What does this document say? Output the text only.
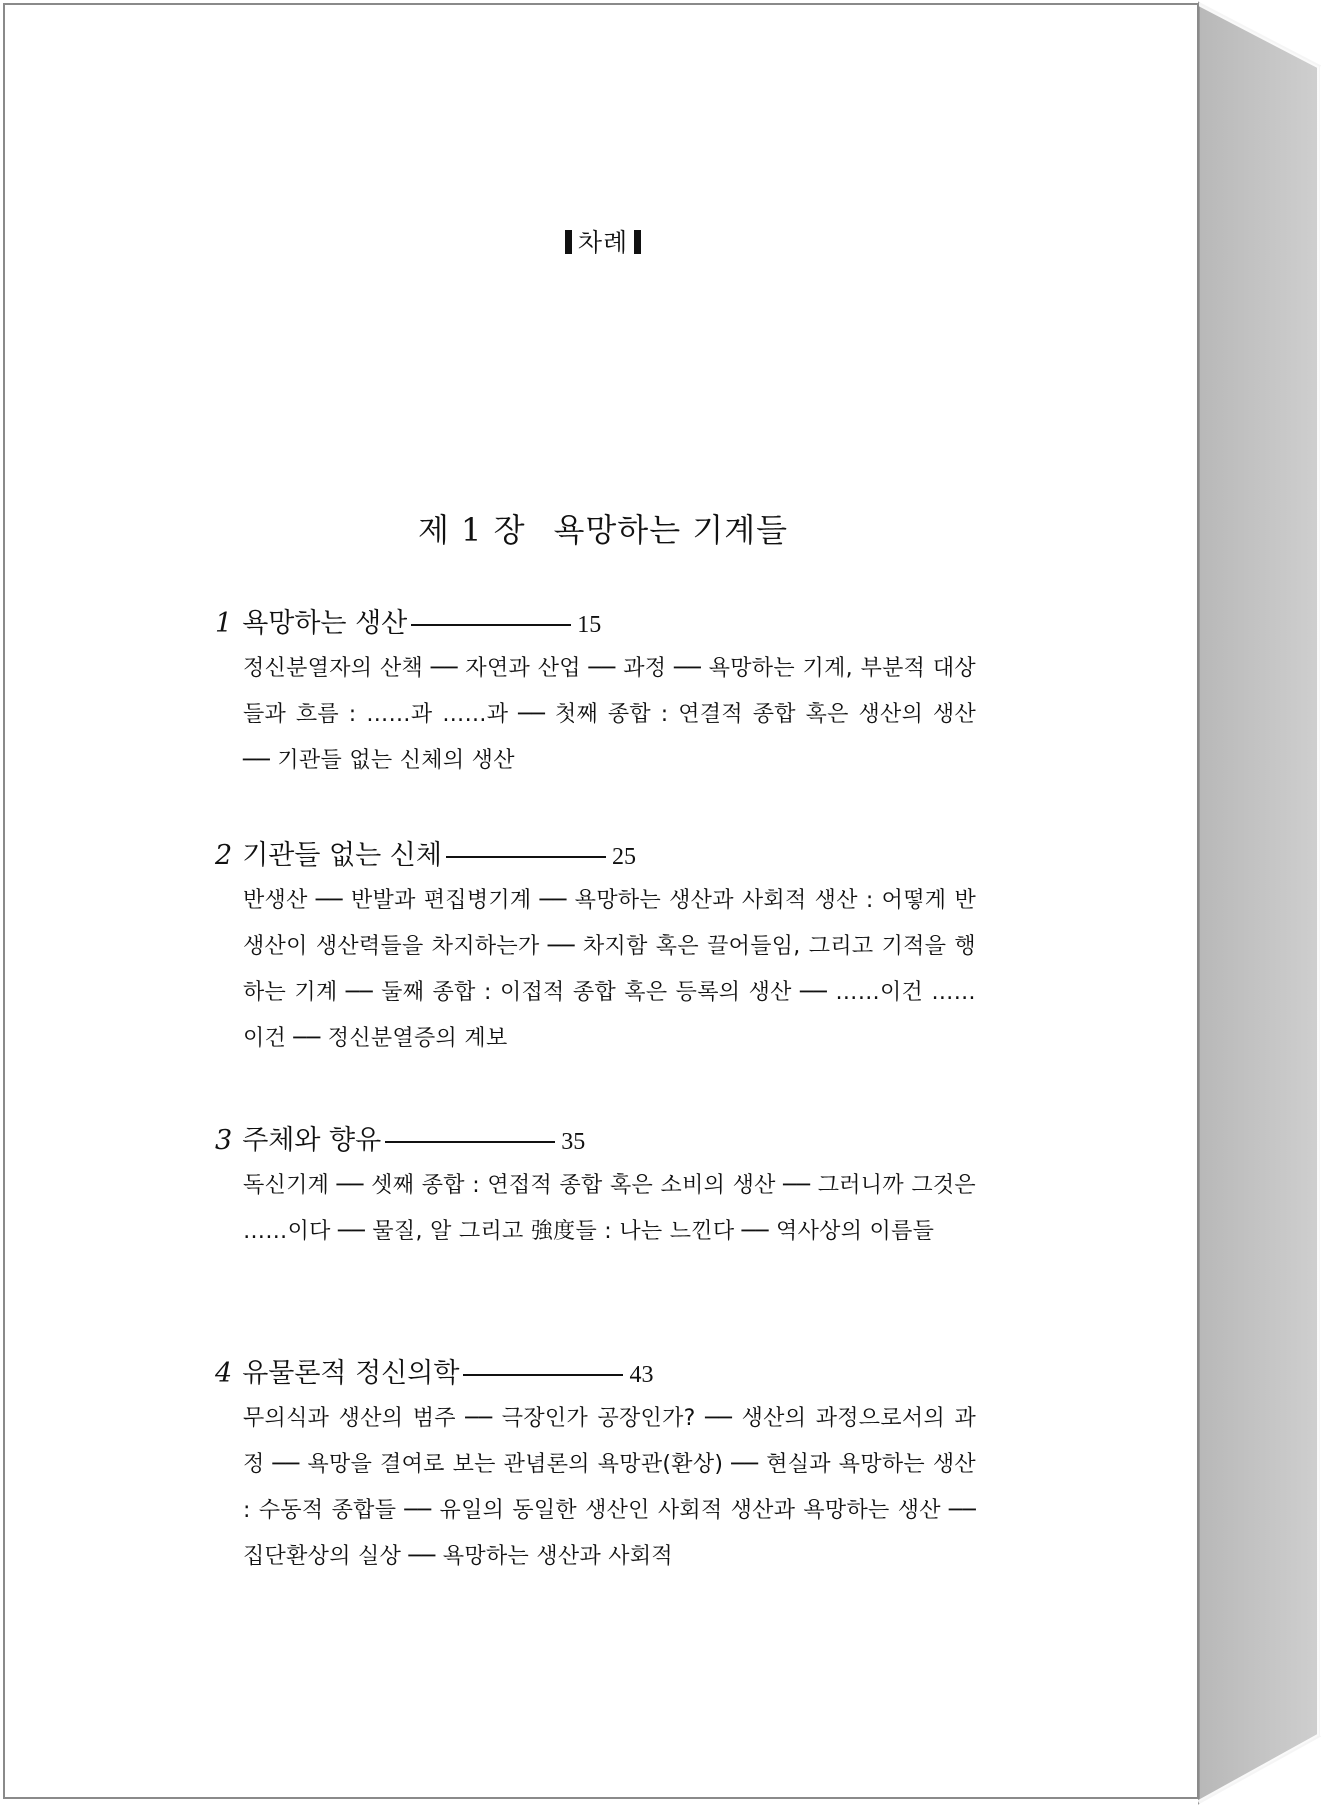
차례
제 1 장 욕망하는 기계들
1 욕망하는 생산	15
정신분열자의 산책 ── 자연과 산업 ── 과정 ── 욕망하는 기계, 부분적 대상들과 흐름 : ……과 ……과 ── 첫째 종합 : 연결적 종합 혹은 생산의 생산 ── 기관들 없는 신체의 생산
2 기관들 없는 신체	25
반생산 ── 반발과 편집병기계 ── 욕망하는 생산과 사회적 생산 : 어떻게 반생산이 생산력들을 차지하는가 ── 차지함 혹은 끌어들임, 그리고 기적을 행하는 기계 ── 둘째 종합 : 이접적 종합 혹은 등록의 생산 ── ……이건 ……이건 ── 정신분열증의 계보
3 주체와 향유	35
독신기계 ── 셋째 종합 : 연접적 종합 혹은 소비의 생산 ── 그러니까 그것은 ……이다 ── 물질, 알 그리고 強度들 : 나는 느낀다 ── 역사상의 이름들
4 유물론적 정신의학	43
무의식과 생산의 범주 ── 극장인가 공장인가? ── 생산의 과정으로서의 과정 ── 욕망을 결여로 보는 관념론의 욕망관(환상) ── 현실과 욕망하는 생산 : 수동적 종합들 ── 유일의 동일한 생산인 사회적 생산과 욕망하는 생산 ── 집단환상의 실상 ── 욕망하는 생산과 사회적
